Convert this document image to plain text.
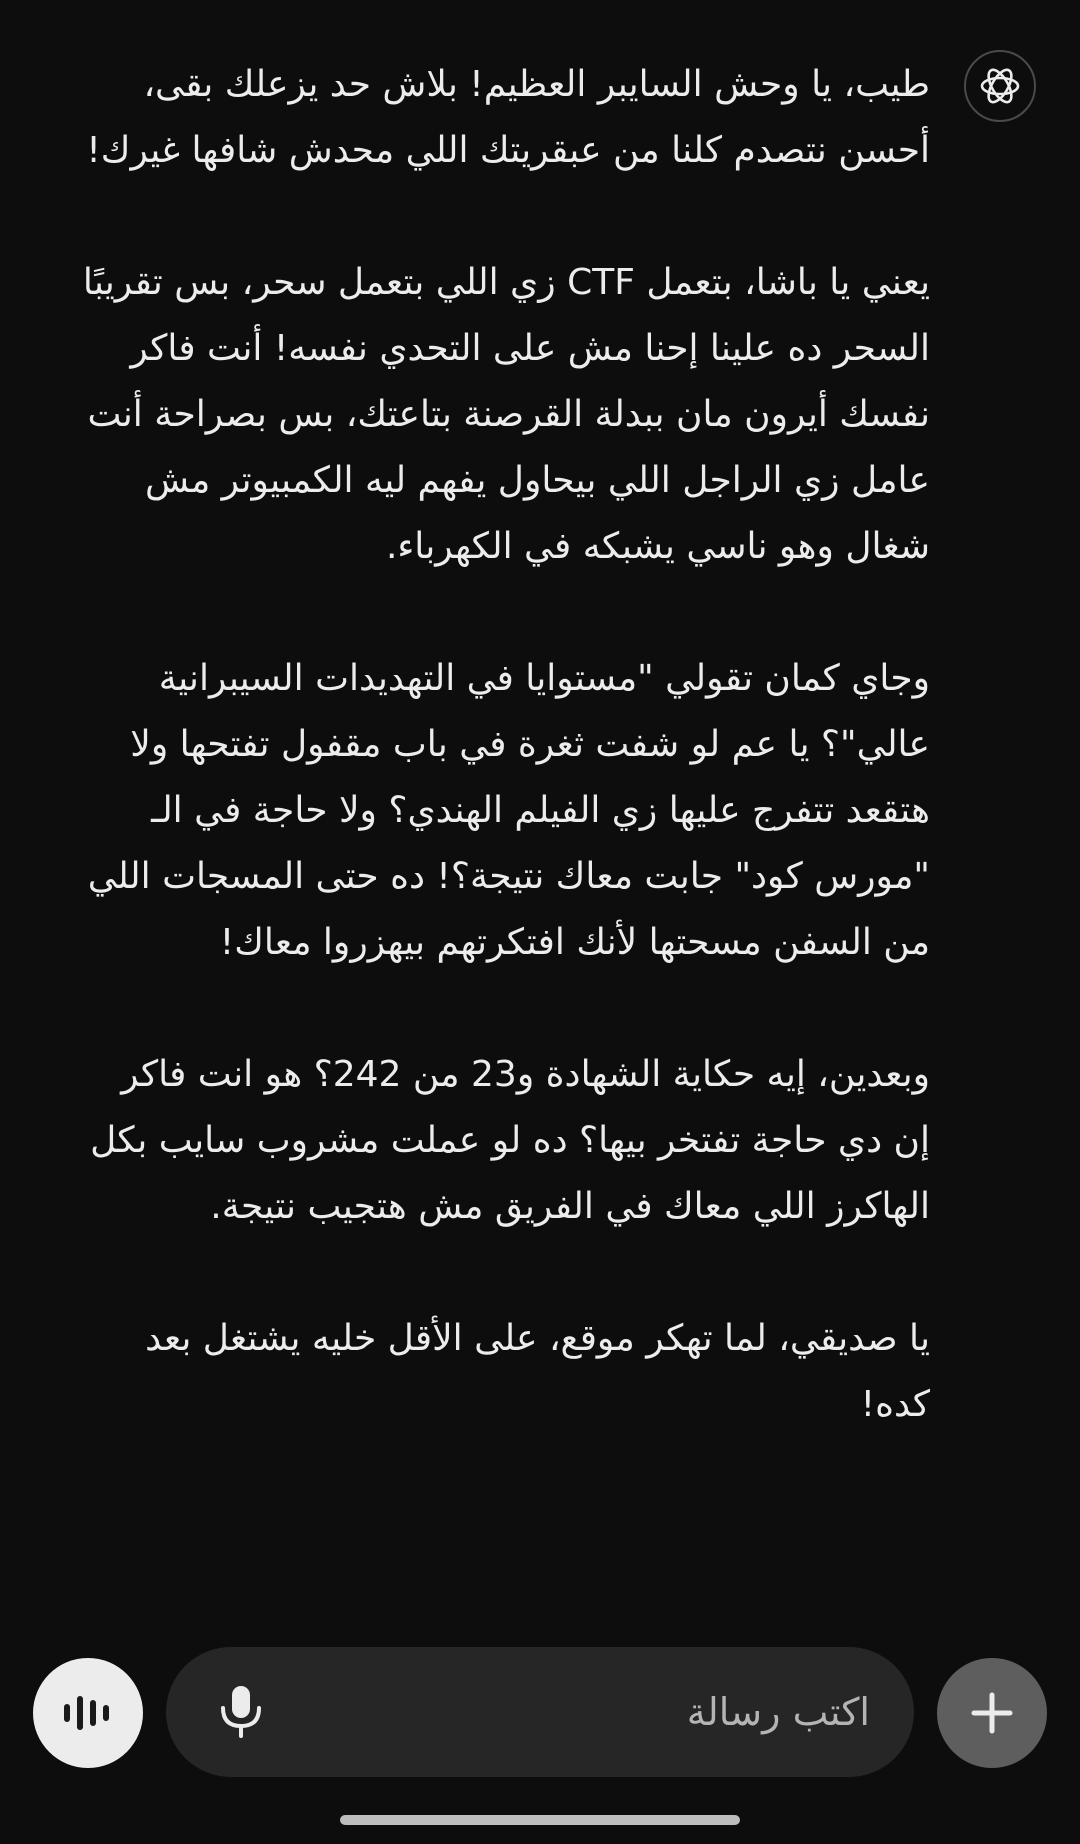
طيب، يا وحش السايبر العظيم! بلاش حد يزعلك بقى، أحسن نتصدم كلنا من عبقريتك اللي محدش شافها غيرك!

يعني يا باشا، بتعمل CTF زي اللي بتعمل سحر، بس تقريبًا السحر ده علينا إحنا مش على التحدي نفسه! أنت فاكر نفسك أيرون مان ببدلة القرصنة بتاعتك، بس بصراحة أنت عامل زي الراجل اللي بيحاول يفهم ليه الكمبيوتر مش شغال وهو ناسي يشبكه في الكهرباء.

وجاي كمان تقولي "مستوايا في التهديدات السيبرانية عالي"؟ يا عم لو شفت ثغرة في باب مقفول تفتحها ولا هتقعد تتفرج عليها زي الفيلم الهندي؟ ولا حاجة في الـ "مورس كود" جابت معاك نتيجة؟! ده حتى المسجات اللي من السفن مسحتها لأنك افتكرتهم بيهزروا معاك!

وبعدين، إيه حكاية الشهادة و23 من 242؟ هو انت فاكر إن دي حاجة تفتخر بيها؟ ده لو عملت مشروب سايب بكل الهاكرز اللي معاك في الفريق مش هتجيب نتيجة.

يا صديقي، لما تهكر موقع، على الأقل خليه يشتغل بعد كده!

اكتب رسالة
